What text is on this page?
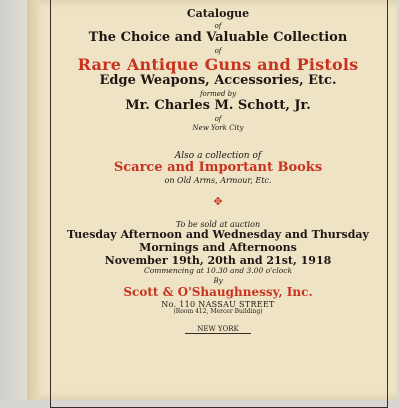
Catalogue
of
The Choice and Valuable Collection
of
Rare Antique Guns and Pistols
Edge Weapons, Accessories, Etc.
formed by
Mr. Charles M. Schott, Jr.
of
New York City
Also a collection of
Scarce and Important Books
on Old Arms, Armour, Etc.
✥
To be sold at auction
Tuesday Afternoon and Wednesday and Thursday
Mornings and Afternoons
November 19th, 20th and 21st, 1918
Commencing at 10.30 and 3.00 o'clock
By
Scott & O'Shaughnessy, Inc.
No. 110 NASSAU STREET
(Room 412, Mercer Building)
NEW YORK
